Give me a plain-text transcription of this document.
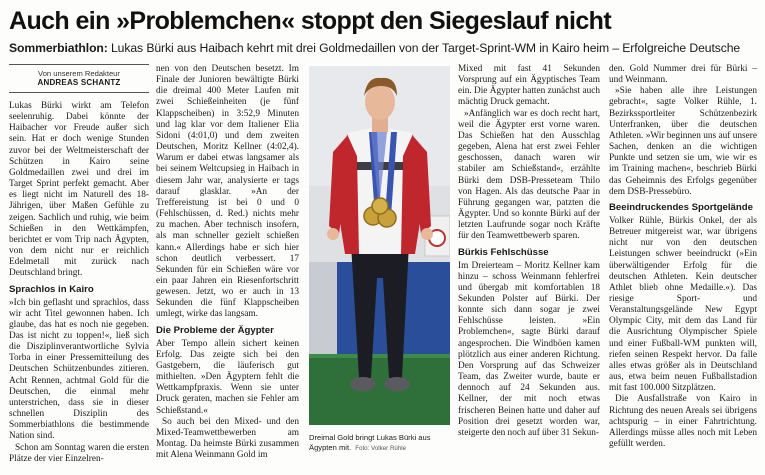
Auch ein »Problemchen« stoppt den Siegeslauf nicht
Sommerbiathlon: Lukas Bürki aus Haibach kehrt mit drei Goldmedaillen von der Target-Sprint-WM in Kairo heim – Erfolgreiche Deutsche
Von unserem Redakteur
ANDREAS SCHANTZ

Lukas Bürki wirkt am Telefon seelenruhig. Dabei könnte der Haibacher vor Freude außer sich sein. Hat er doch wenige Stunden zuvor bei der Weltmeisterschaft der Schützen in Kairo seine Goldmedaillen zwei und drei im Target Sprint perfekt gemacht. Aber es liegt nicht im Naturell des 18-Jährigen, über Maßen Gefühle zu zeigen. Sachlich und ruhig, wie beim Schießen in den Wettkämpfen, berichtet er vom Trip nach Ägypten, von dem nicht nur er reichlich Edelmetall mit zurück nach Deutschland bringt.

Sprachlos in Kairo

»Ich bin geflasht und sprachlos, dass wir acht Titel gewonnen haben. Ich glaube, das hat es noch nie gegeben. Das ist nicht zu toppen!«, ließ sich die Disziplinverantwortliche Sylvia Torba in einer Pressemitteilung des Deutschen Schützenbundes zitieren. Acht Rennen, achtmal Gold für die Deutschen, die einmal mehr unterstrichen, dass sie in dieser schnellen Disziplin des Sommerbiathlons die bestimmende Nation sind.

Schon am Sonntag waren die ersten Plätze der vier Einzelren-

nen von den Deutschen besetzt. Im Finale der Junioren bewältigte Bürki die dreimal 400 Meter Laufen mit zwei Schießeinheiten (je fünf Klappscheiben) in 3:52,9 Minuten und lag klar vor dem Italiener Elia Sidoni (4:01,0) und dem zweiten Deutschen, Moritz Kellner (4:02,4). Warum er dabei etwas langsamer als bei seinem Weltcupsieg in Haibach in diesem Jahr war, analysierte er tags darauf glasklar. »An der Treffereistung ist bei 0 und 0 (Fehlschüssen, d. Red.) nichts mehr zu machen. Aber technisch insofern, als man schneller gezielt schießen kann.« Allerdings habe er sich hier schon deutlich verbessert. 17 Sekunden für ein Schießen wäre vor ein paar Jahren ein Riesenfortschritt gewesen. Jetzt, wo er auch in 13 Sekunden die fünf Klappscheiben umlegt, wirke das langsam.

Die Probleme der Ägypter

Aber Tempo allein sichert keinen Erfolg. Das zeigte sich bei den Gastgebern, die läuferisch gut mithielten. »Den Ägyptern fehlt die Wettkampfpraxis. Wenn sie unter Druck geraten, machen sie Fehler am Schießstand.«

So auch bei den Mixed- und den Mixed-Teamwettbewerben am Montag. Da heimste Bürki zusammen mit Alena Weinmann Gold im

Dreimal Gold bringt Lukas Bürki aus Ägypten mit. Foto: Volker Rühle

Mixed mit fast 41 Sekunden Vorsprung auf ein Ägyptisches Team ein. Die Ägypter hatten zunächst auch mächtig Druck gemacht.

»Anfänglich war es doch recht hart, weil die Ägypter erst vorne waren. Das Schießen hat den Ausschlag gegeben, Alena hat erst zwei Fehler geschossen, danach waren wir stabiler am Schießstand«, erzählte Bürki dem DSB-Presseteam Thilo von Hagen. Als das deutsche Paar in Führung gegangen war, patzten die Ägypter. Und so konnte Bürki auf der letzten Laufrunde sogar noch Kräfte für den Teamwettbewerb sparen.

Bürkis Fehlschüsse

Im Dreierteam – Moritz Kellner kam hinzu – schoss Weinmann fehlerfrei und übergab mit komfortablen 18 Sekunden Polster auf Bürki. Der konnte sich dann sogar je zwei Fehlschüsse leisten. »Ein Problemchen«, sagte Bürki darauf angesprochen. Die Windböen kamen plötzlich aus einer anderen Richtung. Den Vorsprung auf das Schweizer Team, das Zweiter wurde, baute er dennoch auf 24 Sekunden aus. Kellner, der mit noch etwas frischeren Beinen hatte und daher auf Position drei gesetzt worden war, steigerte den noch auf über 31 Sekun-

den. Gold Nummer drei für Bürki – und Weinmann.

»Sie haben alle ihre Leistungen gebracht«, sagte Volker Rühle, 1. Bezirkssportleiter Schützenbezirk Unterfranken, über die deutschen Athleten. »Wir beginnen uns auf unsere Sachen, denken an die wichtigen Punkte und setzen sie um, wie wir es im Training machen«, beschrieb Bürki das Geheimnis des Erfolgs gegenüber dem DSB-Pressebüro.

Beeindruckendes Sportgelände

Volker Rühle, Bürkis Onkel, der als Betreuer mitgereist war, war übrigens nicht nur von den deutschen Leistungen schwer beeindruckt (»Ein überwältigender Erfolg für die deutschen Athleten. Kein deutscher Athlet blieb ohne Medaille.«). Das riesige Sport- und Veranstaltungsgelände New Egypt Olympic City, mit dem das Land für die Ausrichtung Olympischer Spiele und einer Fußball-WM punkten will, riefen seinen Respekt hervor. Da falle alles etwas größer als in Deutschland aus, etwa beim neuen Fußballstadion mit fast 100.000 Sitzplätzen.

Die Ausfallstraße von Kairo in Richtung des neuen Areals sei übrigens achtspurig – in einer Fahrtrichtung. Allerdings müsse alles noch mit Leben gefüllt werden.
